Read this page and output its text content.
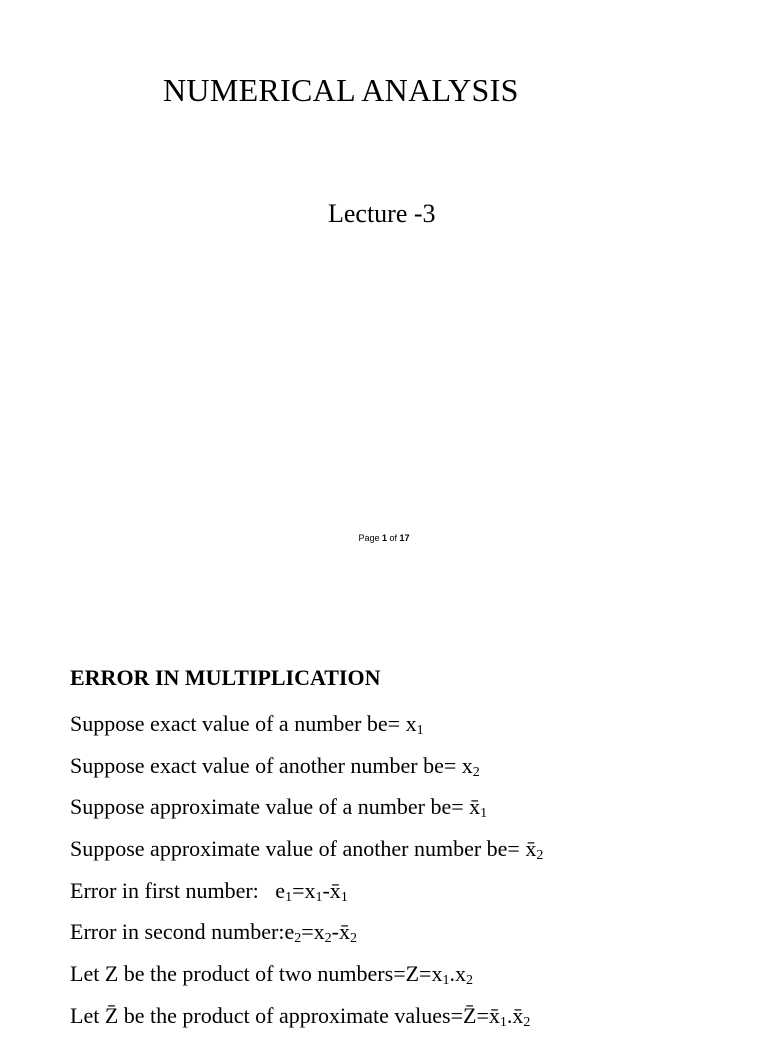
NUMERICAL ANALYSIS
Lecture -3
Page 1 of 17
ERROR IN MULTIPLICATION
Suppose exact value of a number $be= x_1$
Suppose exact value of another number $be= x_2$
Suppose approximate value of a number $be= x̄_1$
Suppose approximate value of another number $be= x̄_2$
Error in first number: $e_1=x_1-x̄_1$
Error in second $number:e_2=x_2-x̄_2$
Let Z be the product of two $numbers=Z=x_1.x_2$
Let Z̄ be the product of approximate $values=Z̄=x̄_1.x̄_2$
